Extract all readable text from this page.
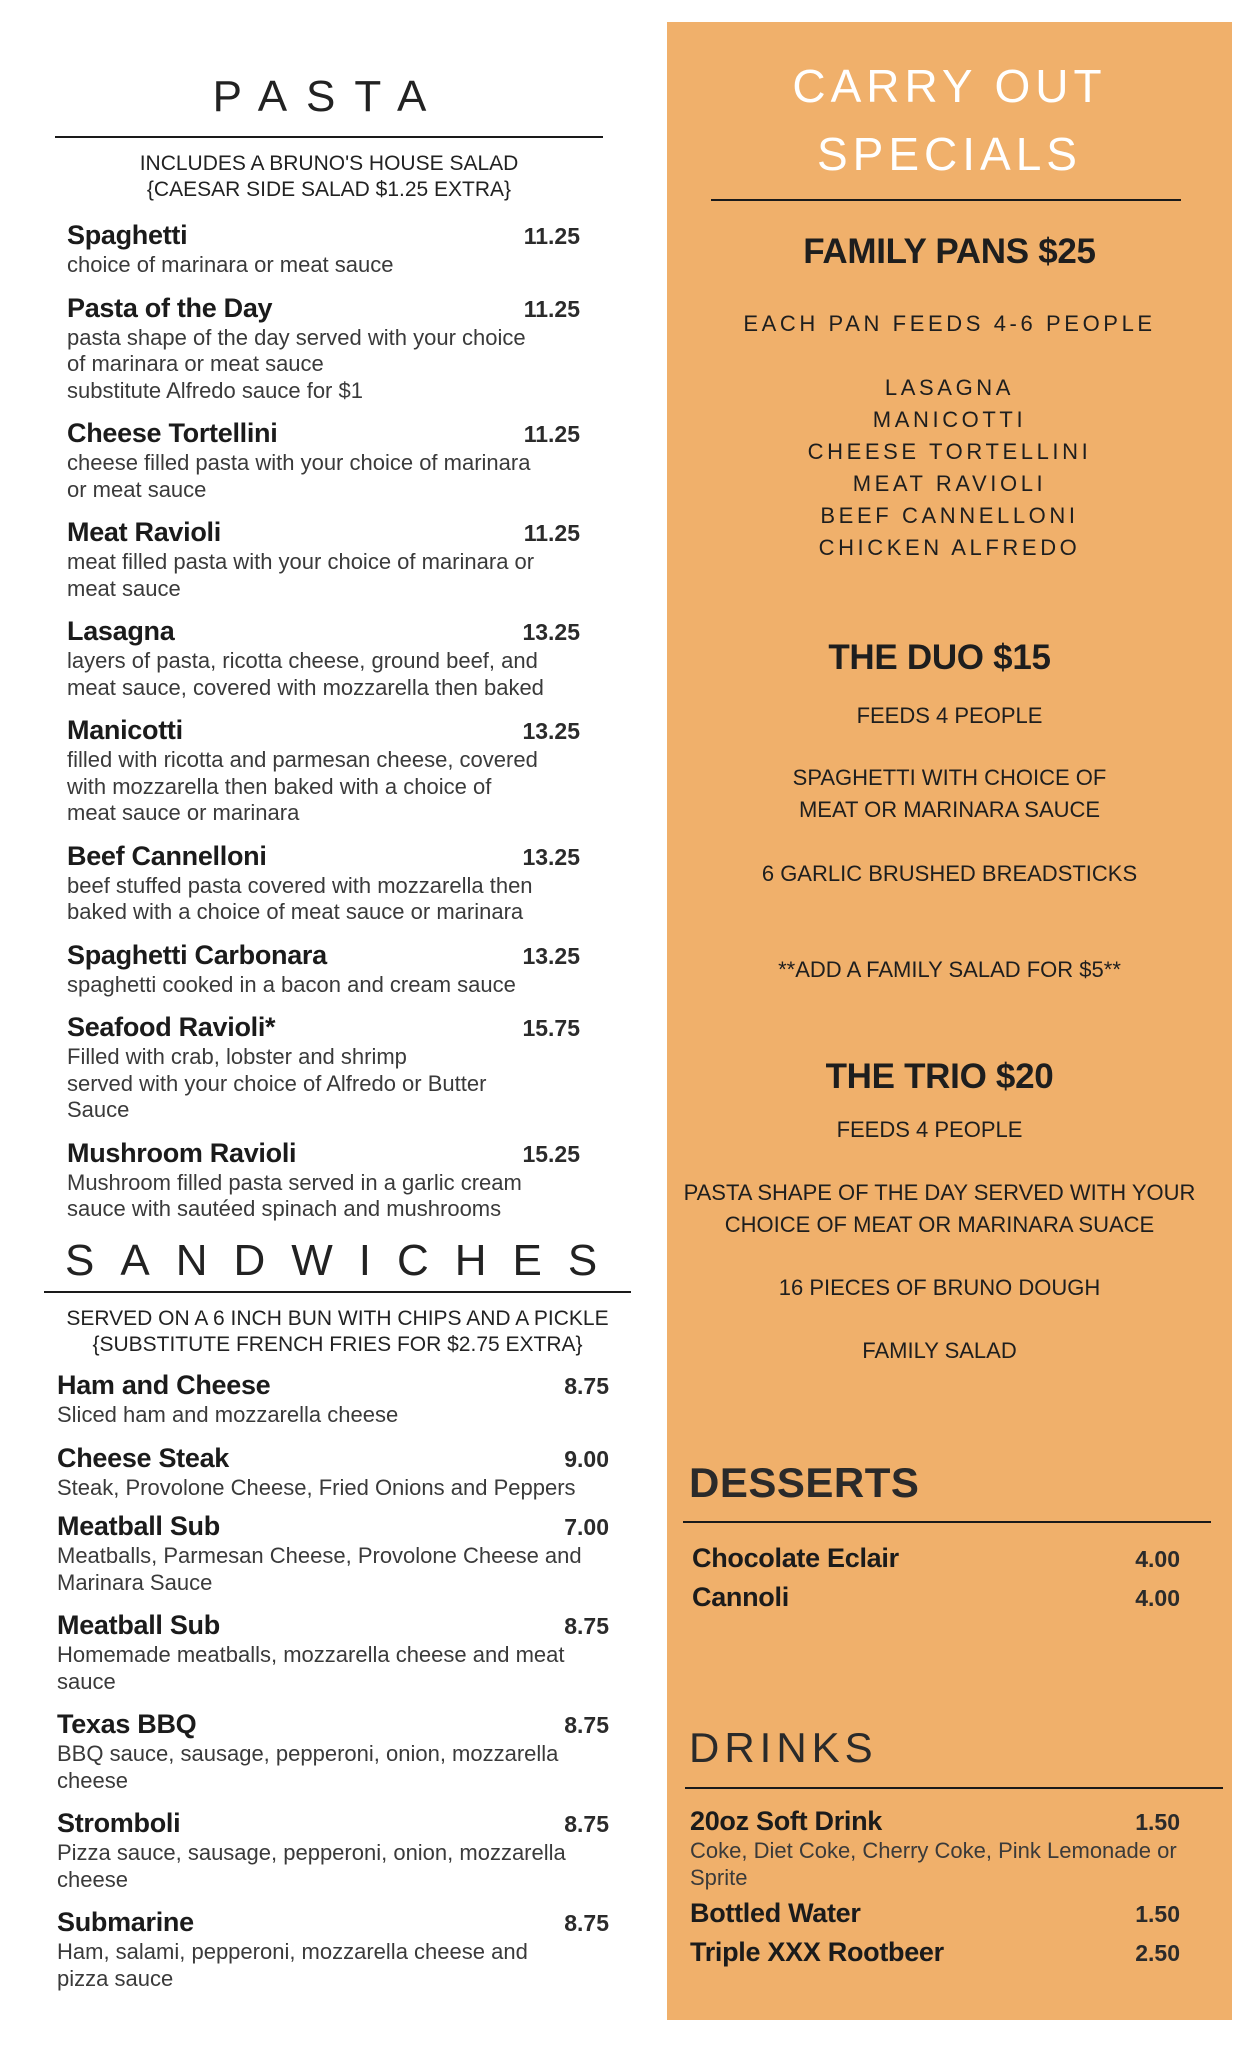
PASTA
INCLUDES A BRUNO'S HOUSE SALAD
{CAESAR SIDE SALAD $1.25 EXTRA}
Spaghetti	11.25
choice of marinara or meat sauce
Pasta of the Day	11.25
pasta shape of the day served with your choice
of marinara or meat sauce
substitute Alfredo sauce for $1
Cheese Tortellini	11.25
cheese filled pasta with your choice of marinara
or meat sauce
Meat Ravioli	11.25
meat filled pasta with your choice of marinara or
meat sauce
Lasagna	13.25
layers of pasta, ricotta cheese, ground beef, and
meat sauce, covered with mozzarella then baked
Manicotti	13.25
filled with ricotta and parmesan cheese, covered
with mozzarella then baked with a choice of
meat sauce or marinara
Beef Cannelloni	13.25
beef stuffed pasta covered with mozzarella then
baked with a choice of meat sauce or marinara
Spaghetti Carbonara	13.25
spaghetti cooked in a bacon and cream sauce
Seafood Ravioli*	15.75
Filled with crab, lobster and shrimp
served with your choice of Alfredo or Butter
Sauce
Mushroom Ravioli	15.25
Mushroom filled pasta served in a garlic cream
sauce with sautéed spinach and mushrooms
SANDWICHES
SERVED ON A 6 INCH BUN WITH CHIPS AND A PICKLE
{SUBSTITUTE FRENCH FRIES FOR $2.75 EXTRA}
Ham and Cheese	8.75
Sliced ham and mozzarella cheese
Cheese Steak	9.00
Steak, Provolone Cheese, Fried Onions and Peppers
Meatball Sub	7.00
Meatballs, Parmesan Cheese, Provolone Cheese and
Marinara Sauce
Meatball Sub	8.75
Homemade meatballs, mozzarella cheese and meat
sauce
Texas BBQ	8.75
BBQ sauce, sausage, pepperoni, onion, mozzarella
cheese
Stromboli	8.75
Pizza sauce, sausage, pepperoni, onion, mozzarella
cheese
Submarine	8.75
Ham, salami, pepperoni, mozzarella cheese and
pizza sauce
CARRY OUT
SPECIALS
FAMILY PANS $25
EACH PAN FEEDS 4-6 PEOPLE
LASAGNA
MANICOTTI
CHEESE TORTELLINI
MEAT RAVIOLI
BEEF CANNELLONI
CHICKEN ALFREDO
THE DUO $15
FEEDS 4 PEOPLE
SPAGHETTI WITH CHOICE OF
MEAT OR MARINARA SAUCE
6 GARLIC BRUSHED BREADSTICKS
**ADD A FAMILY SALAD FOR $5**
THE TRIO $20
FEEDS 4 PEOPLE
PASTA SHAPE OF THE DAY SERVED WITH YOUR
CHOICE OF MEAT OR MARINARA SUACE
16 PIECES OF BRUNO DOUGH
FAMILY SALAD
DESSERTS
Chocolate Eclair	4.00
Cannoli	4.00
DRINKS
20oz Soft Drink	1.50
Coke, Diet Coke, Cherry Coke, Pink Lemonade or
Sprite
Bottled Water	1.50
Triple XXX Rootbeer	2.50
